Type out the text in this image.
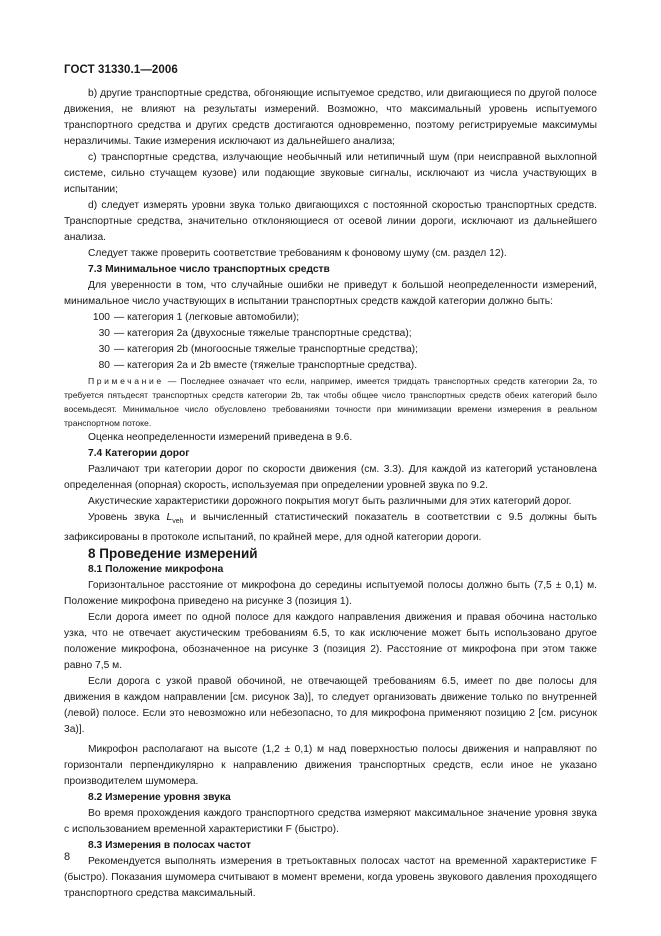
ГОСТ 31330.1—2006

b) другие транспортные средства, обгоняющие испытуемое средство, или двигающиеся по другой полосе движения, не влияют на результаты измерений. Возможно, что максимальный уровень испытуемого транспортного средства и других средств достигаются одновременно, поэтому регистрируемые максимумы неразличимы. Такие измерения исключают из дальнейшего анализа;

c) транспортные средства, излучающие необычный или нетипичный шум (при неисправной выхлопной системе, сильно стучащем кузове) или подающие звуковые сигналы, исключают из числа участвующих в испытании;

d) следует измерять уровни звука только двигающихся с постоянной скоростью транспортных средств. Транспортные средства, значительно отклоняющиеся от осевой линии дороги, исключают из дальнейшего анализа.

Следует также проверить соответствие требованиям к фоновому шуму (см. раздел 12).

7.3 Минимальное число транспортных средств

Для уверенности в том, что случайные ошибки не приведут к большой неопределенности измерений, минимальное число участвующих в испытании транспортных средств каждой категории должно быть:

100 — категория 1 (легковые автомобили);
30 — категория 2a (двухосные тяжелые транспортные средства);
30 — категория 2b (многоосные тяжелые транспортные средства);
80 — категория 2a и 2b вместе (тяжелые транспортные средства).

Примечание — Последнее означает что если, например, имеется тридцать транспортных средств категории 2a, то требуется пятьдесят транспортных средств категории 2b, так чтобы общее число транспортных средств обеих категорий было восемьдесят. Минимальное число обусловлено требованиями точности при минимизации времени измерения в реальном транспортном потоке.

Оценка неопределенности измерений приведена в 9.6.

7.4 Категории дорог

Различают три категории дорог по скорости движения (см. 3.3). Для каждой из категорий установлена определенная (опорная) скорость, используемая при определении уровней звука по 9.2.

Акустические характеристики дорожного покрытия могут быть различными для этих категорий дорог.

Уровень звука $L_{veh}$ и вычисленный статистический показатель в соответствии с 9.5 должны быть зафиксированы в протоколе испытаний, по крайней мере, для одной категории дороги.

8 Проведение измерений

8.1 Положение микрофона

Горизонтальное расстояние от микрофона до середины испытуемой полосы должно быть (7,5 ± 0,1) м. Положение микрофона приведено на рисунке 3 (позиция 1).

Если дорога имеет по одной полосе для каждого направления движения и правая обочина настолько узка, что не отвечает акустическим требованиям 6.5, то как исключение может быть использовано другое положение микрофона, обозначенное на рисунке 3 (позиция 2). Расстояние от микрофона при этом также равно 7,5 м.

Если дорога с узкой правой обочиной, не отвечающей требованиям 6.5, имеет по две полосы для движения в каждом направлении [см. рисунок 3a)], то следует организовать движение только по внутренней (левой) полосе. Если это невозможно или небезопасно, то для микрофона применяют позицию 2 [см. рисунок 3a)].

Микрофон располагают на высоте (1,2 ± 0,1) м над поверхностью полосы движения и направляют по горизонтали перпендикулярно к направлению движения транспортных средств, если иное не указано производителем шумомера.

8.2 Измерение уровня звука

Во время прохождения каждого транспортного средства измеряют максимальное значение уровня звука с использованием временной характеристики F (быстро).

8.3 Измерения в полосах частот

Рекомендуется выполнять измерения в третьоктавных полосах частот на временной характеристике F (быстро). Показания шумомера считывают в момент времени, когда уровень звукового давления проходящего транспортного средства максимальный.

8
